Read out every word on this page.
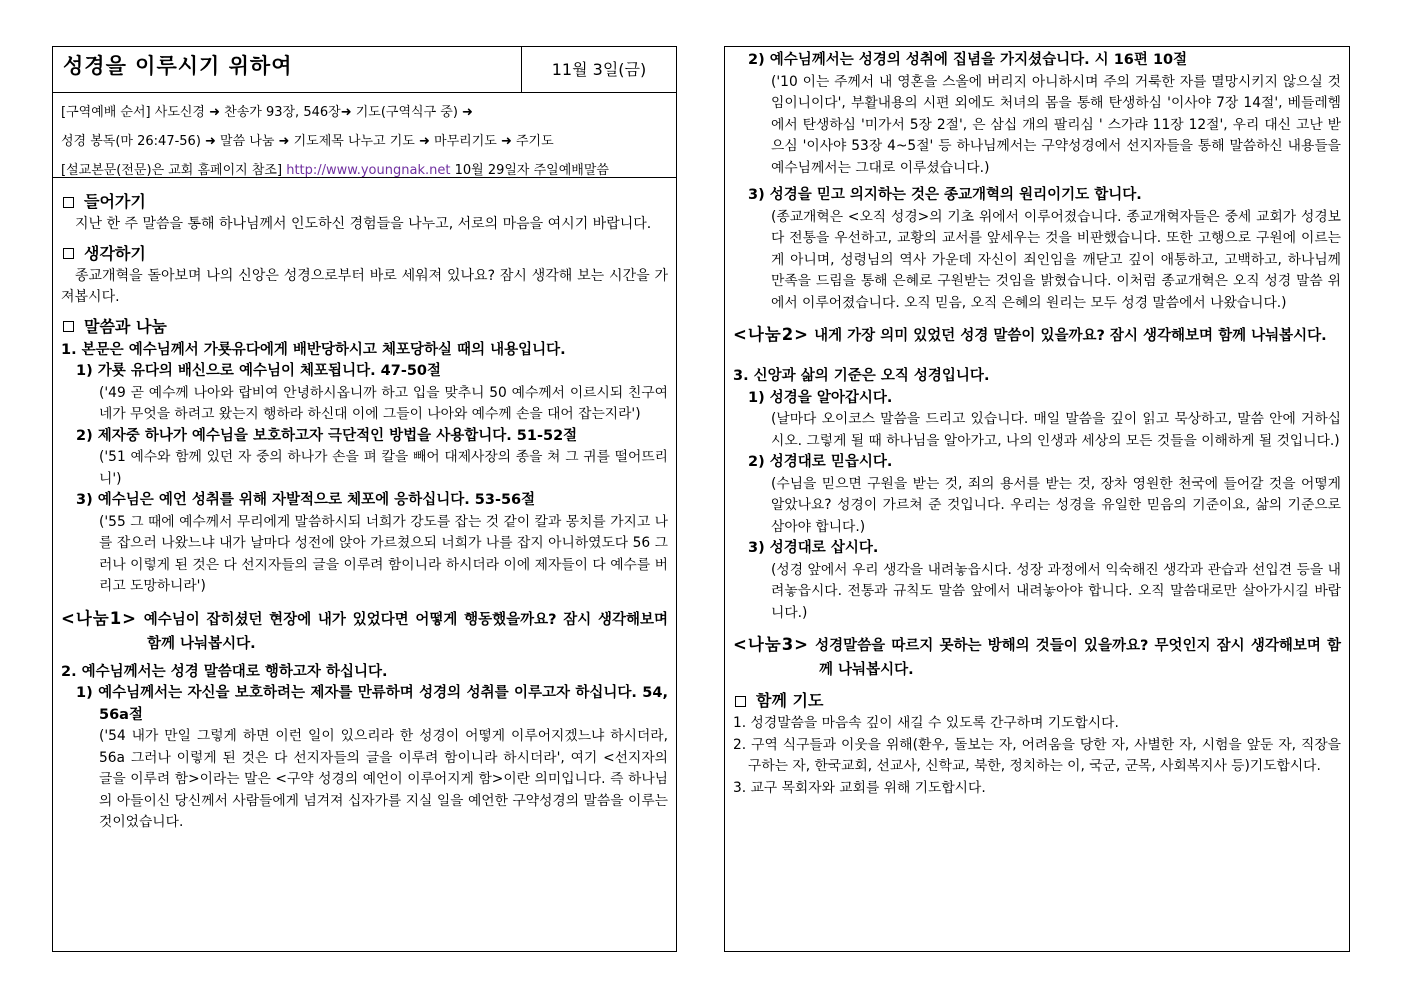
성경을 이루시기 위하여	11월 3일(금)
[구역예배 순서] 사도신경 ➜ 찬송가 93장, 546장➜ 기도(구역식구 중) ➜
성경 봉독(마 26:47-56) ➜ 말씀 나눔 ➜ 기도제목 나누고 기도 ➜ 마무리기도 ➜ 주기도
[설교본문(전문)은 교회 홈페이지 참조] http://www.youngnak.net 10월 29일자 주일예배말씀
들어가기

지난 한 주 말씀을 통해 하나님께서 인도하신 경험들을 나누고, 서로의 마음을 여시기 바랍니다.

생각하기

종교개혁을 돌아보며 나의 신앙은 성경으로부터 바로 세워져 있나요? 잠시 생각해 보는 시간을 가져봅시다.

말씀과 나눔

1. 본문은 예수님께서 가룟유다에게 배반당하시고 체포당하실 때의 내용입니다.

1) 가룟 유다의 배신으로 예수님이 체포됩니다. 47-50절

('49 곧 예수께 나아와 랍비여 안녕하시옵니까 하고 입을 맞추니 50 예수께서 이르시되 친구여 네가 무엇을 하려고 왔는지 행하라 하신대 이에 그들이 나아와 예수께 손을 대어 잡는지라')

2) 제자중 하나가 예수님을 보호하고자 극단적인 방법을 사용합니다. 51-52절

('51 예수와 함께 있던 자 중의 하나가 손을 펴 칼을 빼어 대제사장의 종을 쳐 그 귀를 떨어뜨리니')

3) 예수님은 예언 성취를 위해 자발적으로 체포에 응하십니다. 53-56절

('55 그 때에 예수께서 무리에게 말씀하시되 너희가 강도를 잡는 것 같이 칼과 몽치를 가지고 나를 잡으러 나왔느냐 내가 날마다 성전에 앉아 가르쳤으되 너희가 나를 잡지 아니하였도다 56 그러나 이렇게 된 것은 다 선지자들의 글을 이루려 함이니라 하시더라 이에 제자들이 다 예수를 버리고 도망하니라')

<나눔1> 예수님이 잡히셨던 현장에 내가 있었다면 어떻게 행동했을까요? 잠시 생각해보며 함께 나눠봅시다.

2. 예수님께서는 성경 말씀대로 행하고자 하십니다.

1) 예수님께서는 자신을 보호하려는 제자를 만류하며 성경의 성취를 이루고자 하십니다. 54, 56a절

('54 내가 만일 그렇게 하면 이런 일이 있으리라 한 성경이 어떻게 이루어지겠느냐 하시더라, 56a 그러나 이렇게 된 것은 다 선지자들의 글을 이루려 함이니라 하시더라', 여기 <선지자의 글을 이루려 함>이라는 말은 <구약 성경의 예언이 이루어지게 함>이란 의미입니다. 즉 하나님의 아들이신 당신께서 사람들에게 넘겨져 십자가를 지실 일을 예언한 구약성경의 말씀을 이루는 것이었습니다.

2) 예수님께서는 성경의 성취에 집념을 가지셨습니다. 시 16편 10절

('10 이는 주께서 내 영혼을 스올에 버리지 아니하시며 주의 거룩한 자를 멸망시키지 않으실 것임이니이다', 부활내용의 시편 외에도 처녀의 몸을 통해 탄생하심 '이사야 7장 14절', 베들레헴에서 탄생하심 '미가서 5장 2절', 은 삼십 개의 팔리심 ' 스가랴 11장 12절', 우리 대신 고난 받으심 '이사야 53장 4~5절' 등 하나님께서는 구약성경에서 선지자들을 통해 말씀하신 내용들을 예수님께서는 그대로 이루셨습니다.)

3) 성경을 믿고 의지하는 것은 종교개혁의 원리이기도 합니다.

(종교개혁은 <오직 성경>의 기초 위에서 이루어졌습니다. 종교개혁자들은 중세 교회가 성경보다 전통을 우선하고, 교황의 교서를 앞세우는 것을 비판했습니다. 또한 고행으로 구원에 이르는 게 아니며, 성령님의 역사 가운데 자신이 죄인임을 깨닫고 깊이 애통하고, 고백하고, 하나님께 만족을 드림을 통해 은혜로 구원받는 것임을 밝혔습니다. 이처럼 종교개혁은 오직 성경 말씀 위에서 이루어졌습니다. 오직 믿음, 오직 은혜의 원리는 모두 성경 말씀에서 나왔습니다.)

<나눔2> 내게 가장 의미 있었던 성경 말씀이 있을까요? 잠시 생각해보며 함께 나눠봅시다.

3. 신앙과 삶의 기준은 오직 성경입니다.

1) 성경을 알아갑시다.

(날마다 오이코스 말씀을 드리고 있습니다. 매일 말씀을 깊이 읽고 묵상하고, 말씀 안에 거하십시오. 그렇게 될 때 하나님을 알아가고, 나의 인생과 세상의 모든 것들을 이해하게 될 것입니다.)

2) 성경대로 믿읍시다.

(수님을 믿으면 구원을 받는 것, 죄의 용서를 받는 것, 장차 영원한 천국에 들어갈 것을 어떻게 알았나요? 성경이 가르쳐 준 것입니다. 우리는 성경을 유일한 믿음의 기준이요, 삶의 기준으로 삼아야 합니다.)

3) 성경대로 삽시다.

(성경 앞에서 우리 생각을 내려놓읍시다. 성장 과정에서 익숙해진 생각과 관습과 선입견 등을 내려놓읍시다. 전통과 규칙도 말씀 앞에서 내려놓아야 합니다. 오직 말씀대로만 살아가시길 바랍니다.)

<나눔3> 성경말씀을 따르지 못하는 방해의 것들이 있을까요? 무엇인지 잠시 생각해보며 함께 나눠봅시다.

함께 기도

1. 성경말씀을 마음속 깊이 새길 수 있도록 간구하며 기도합시다.

2. 구역 식구들과 이웃을 위해(환우, 돌보는 자, 어려움을 당한 자, 사별한 자, 시험을 앞둔 자, 직장을 구하는 자, 한국교회, 선교사, 신학교, 북한, 정치하는 이, 국군, 군목, 사회복지사 등)기도합시다.

3. 교구 목회자와 교회를 위해 기도합시다.
